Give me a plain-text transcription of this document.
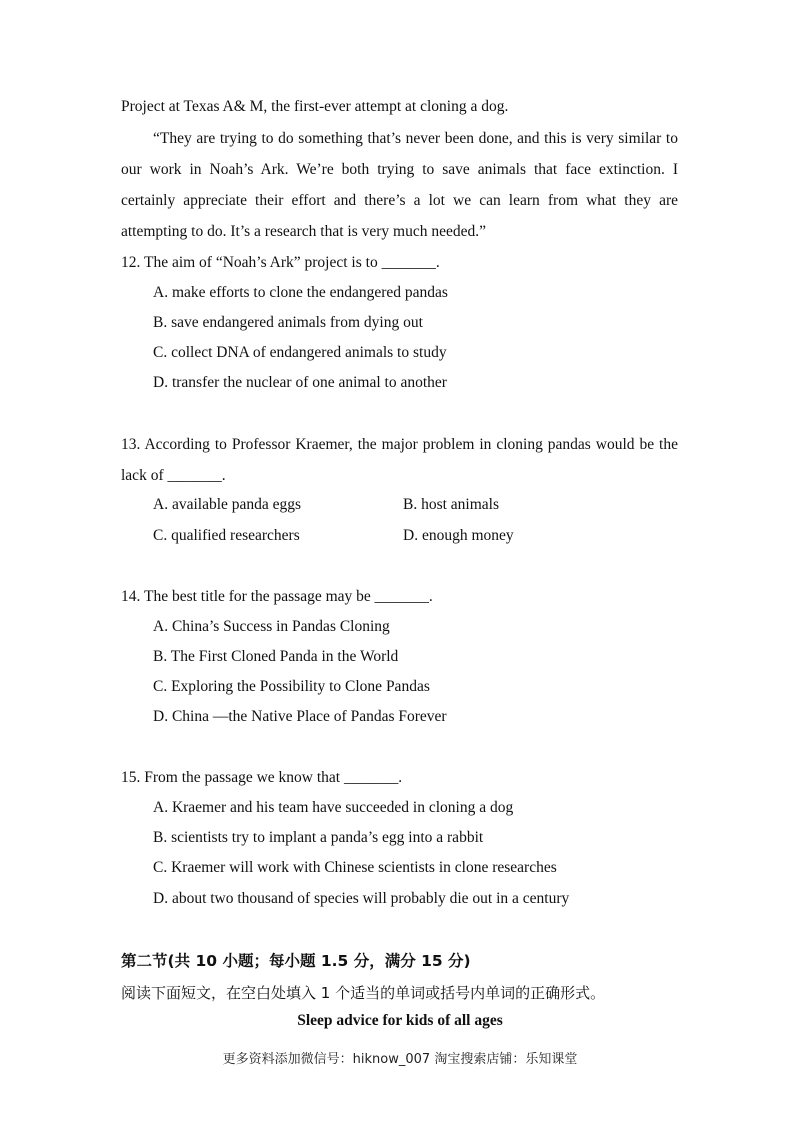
Project at Texas A& M, the first-ever attempt at cloning a dog.
“They are trying to do something that’s never been done, and this is very similar to our work in Noah’s Ark. We’re both trying to save animals that face extinction. I certainly appreciate their effort and there’s a lot we can learn from what they are attempting to do. It’s a research that is very much needed.”
12. The aim of “Noah’s Ark” project is to _______.
A. make efforts to clone the endangered pandas
B. save endangered animals from dying out
C. collect DNA of endangered animals to study
D. transfer the nuclear of one animal to another
13. According to Professor Kraemer, the major problem in cloning pandas would be the lack of _______.
A. available panda eggs	B. host animals
C. qualified researchers	D. enough money
14. The best title for the passage may be _______.
A. China’s Success in Pandas Cloning
B. The First Cloned Panda in the World
C. Exploring the Possibility to Clone Pandas
D. China —the Native Place of Pandas Forever
15. From the passage we know that _______.
A. Kraemer and his team have succeeded in cloning a dog
B. scientists try to implant a panda’s egg into a rabbit
C. Kraemer will work with Chinese scientists in clone researches
D. about two thousand of species will probably die out in a century
第二节(共 10 小题；每小题 1.5 分，满分 15 分)
阅读下面短文，在空白处填入 1 个适当的单词或括号内单词的正确形式。
Sleep advice for kids of all ages
更多资料添加微信号：hiknow_007 淘宝搜索店铺：乐知课堂
